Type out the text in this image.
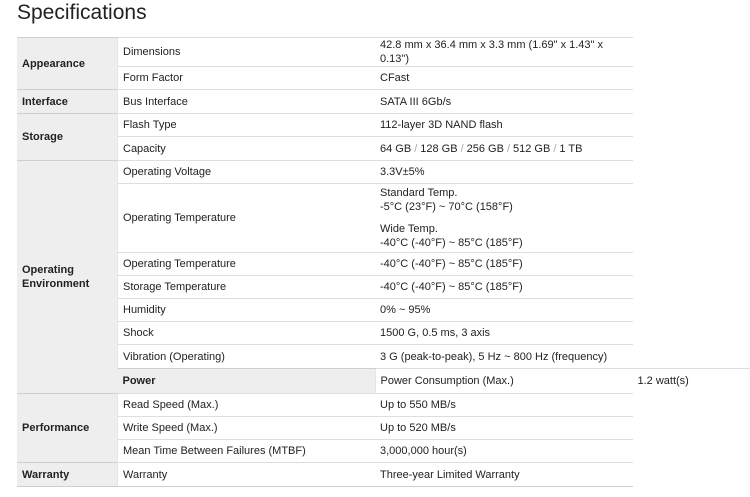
Specifications
Appearance	Dimensions	42.8 mm x 36.4 mm x 3.3 mm (1.69" x 1.43" x 0.13")	
	Form Factor	CFast	
Interface	Bus Interface	SATA III 6Gb/s	
Storage	Flash Type	112-layer 3D NAND flash	
	Capacity	64 GB / 128 GB / 256 GB / 512 GB / 1 TB	
Operating
Environment	Operating Voltage	3.3V±5%	
	Operating Temperature	Standard Temp.
-5°C (23°F) ~ 70°C (158°F)
Wide Temp.
-40°C (-40°F) ~ 85°C (185°F)	

	Operating Temperature	-40°C (-40°F) ~ 85°C (185°F)	
	Storage Temperature	-40°C (-40°F) ~ 85°C (185°F)	
	Humidity	0% ~ 95%	
	Shock	1500 G, 0.5 ms, 3 axis	
	Vibration (Operating)	3 G (peak-to-peak), 5 Hz ~ 800 Hz (frequency)	
	Power	Power Consumption (Max.)	1.2 watt(s)
Performance	Read Speed (Max.)	Up to 550 MB/s	
	Write Speed (Max.)	Up to 520 MB/s	
	Mean Time Between Failures (MTBF)	3,000,000 hour(s)	
Warranty	Warranty	Three-year Limited Warranty	
